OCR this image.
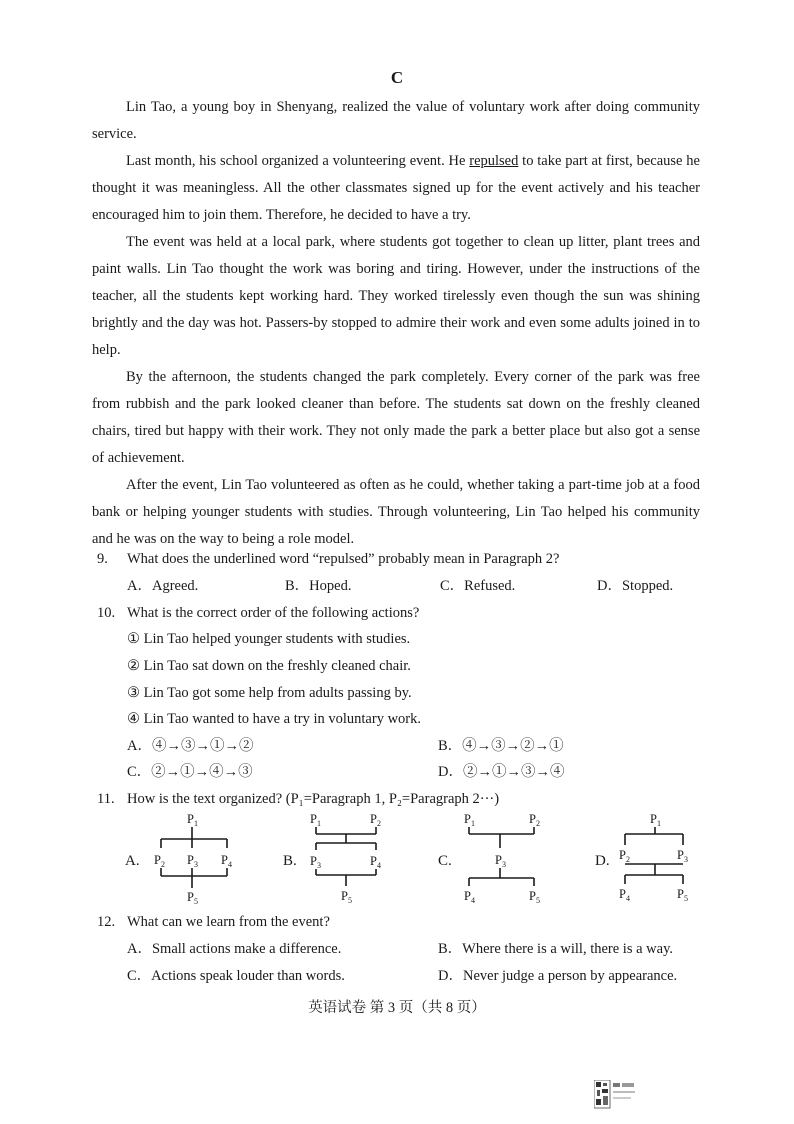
C

Lin Tao, a young boy in Shenyang, realized the value of voluntary work after doing community service.

Last month, his school organized a volunteering event. He repulsed to take part at first, because he thought it was meaningless. All the other classmates signed up for the event actively and his teacher encouraged him to join them. Therefore, he decided to have a try.

The event was held at a local park, where students got together to clean up litter, plant trees and paint walls. Lin Tao thought the work was boring and tiring. However, under the instructions of the teacher, all the students kept working hard. They worked tirelessly even though the sun was shining brightly and the day was hot. Passers-by stopped to admire their work and even some adults joined in to help.

By the afternoon, the students changed the park completely. Every corner of the park was free from rubbish and the park looked cleaner than before. The students sat down on the freshly cleaned chairs, tired but happy with their work. They not only made the park a better place but also got a sense of achievement.

After the event, Lin Tao volunteered as often as he could, whether taking a part-time job at a food bank or helping younger students with studies. Through volunteering, Lin Tao helped his community and he was on the way to being a role model.

9. What does the underlined word “repulsed” probably mean in Paragraph 2?
A．Agreed.	B．Hoped.	C．Refused.	D．Stopped.
10. What is the correct order of the following actions?
① Lin Tao helped younger students with studies.
② Lin Tao sat down on the freshly cleaned chair.
③ Lin Tao got some help from adults passing by.
④ Lin Tao wanted to have a try in voluntary work.
A．④→③→①→②	B．④→③→②→①
C．②→①→④→③	D．②→①→③→④
11. How is the text organized? (P₁=Paragraph 1, P₂=Paragraph 2···)
A.
$P_1$
$P_2$ $P_3$ $P_4$
$P_5$
B.
$P_1$	$P_2$
$P_3$	$P_4$
$P_5$
C.
$P_1$	$P_2$
$P_3$
$P_4$	$P_5$
D.
$P_1$
$P_2$	$P_3$
$P_4$	$P_5$
12. What can we learn from the event?
A．Small actions make a difference.	B．Where there is a will, there is a way.
C．Actions speak louder than words.	D．Never judge a person by appearance.
英语试卷 第 3 页（共 8 页）
